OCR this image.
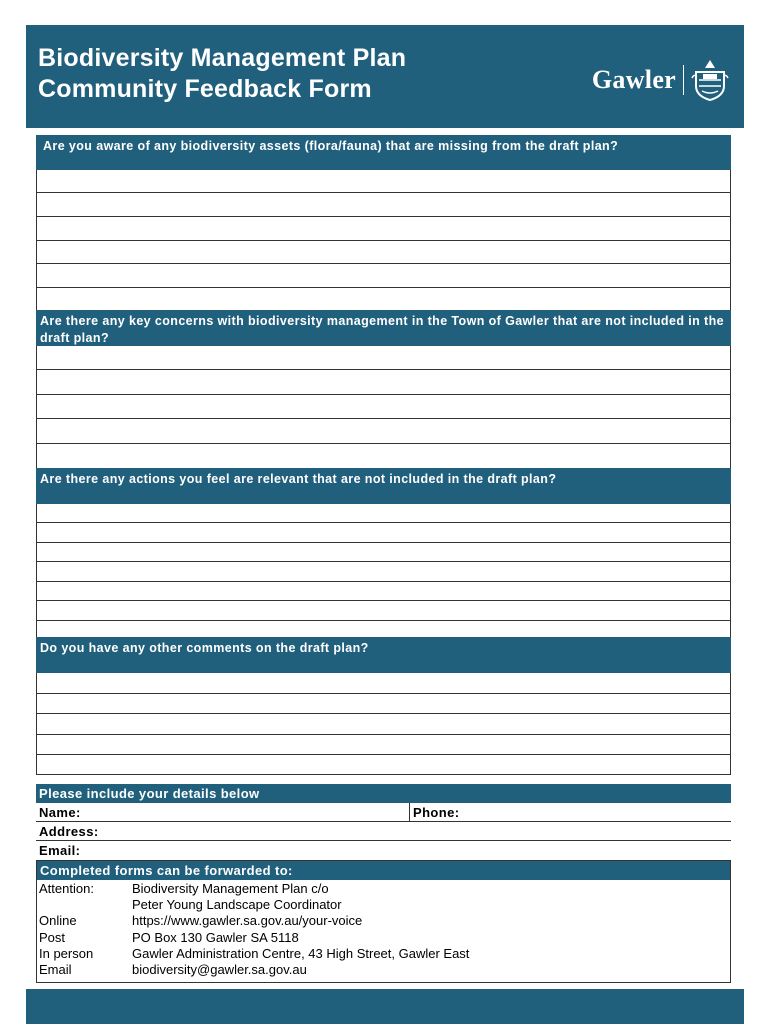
Biodiversity Management Plan
Community Feedback Form	Gawler
Are you aware of any biodiversity assets (flora/fauna) that are missing from the draft plan?
Are there any key concerns with biodiversity management in the Town of Gawler that are not included in the draft plan?
Are there any actions you feel are relevant that are not included in the draft plan?
Do you have any other comments on the draft plan?
Please include your details below
Name:	Phone:
Address:
Email:
Completed forms can be forwarded to:
Attention:	Biodiversity Management Plan c/o
Peter Young Landscape Coordinator
Online	https://www.gawler.sa.gov.au/your-voice
Post	PO Box 130 Gawler SA 5118
In person	Gawler Administration Centre, 43 High Street, Gawler East
Email	biodiversity@gawler.sa.gov.au
